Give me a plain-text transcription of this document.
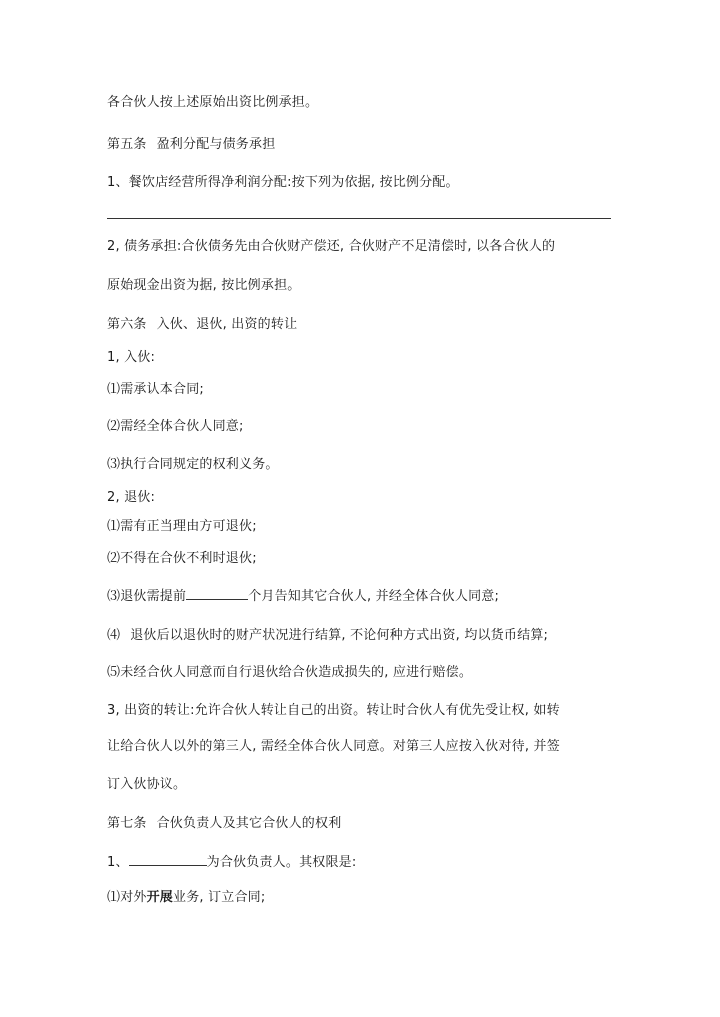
各合伙人按上述原始出资比例承担。
第五条 盈利分配与债务承担
1、餐饮店经营所得净利润分配:按下列为依据, 按比例分配。
2, 债务承担:合伙债务先由合伙财产偿还, 合伙财产不足清偿时, 以各合伙人的
原始现金出资为据, 按比例承担。
第六条 入伙、退伙, 出资的转让
1, 入伙:
⑴需承认本合同;
⑵需经全体合伙人同意;
⑶执行合同规定的权利义务。
2, 退伙:
⑴需有正当理由方可退伙;
⑵不得在合伙不利时退伙;
⑶退伙需提前	个月告知其它合伙人, 并经全体合伙人同意;
⑷ 退伙后以退伙时的财产状况进行结算, 不论何种方式出资, 均以货币结算;
⑸未经合伙人同意而自行退伙给合伙造成损失的, 应进行赔偿。
3, 出资的转让:允许合伙人转让自己的出资。转让时合伙人有优先受让权, 如转
让给合伙人以外的第三人, 需经全体合伙人同意。对第三人应按入伙对待, 并签
订入伙协议。
第七条 合伙负责人及其它合伙人的权利
1、	为合伙负责人。其权限是:
⑴对外开展业务, 订立合同;
